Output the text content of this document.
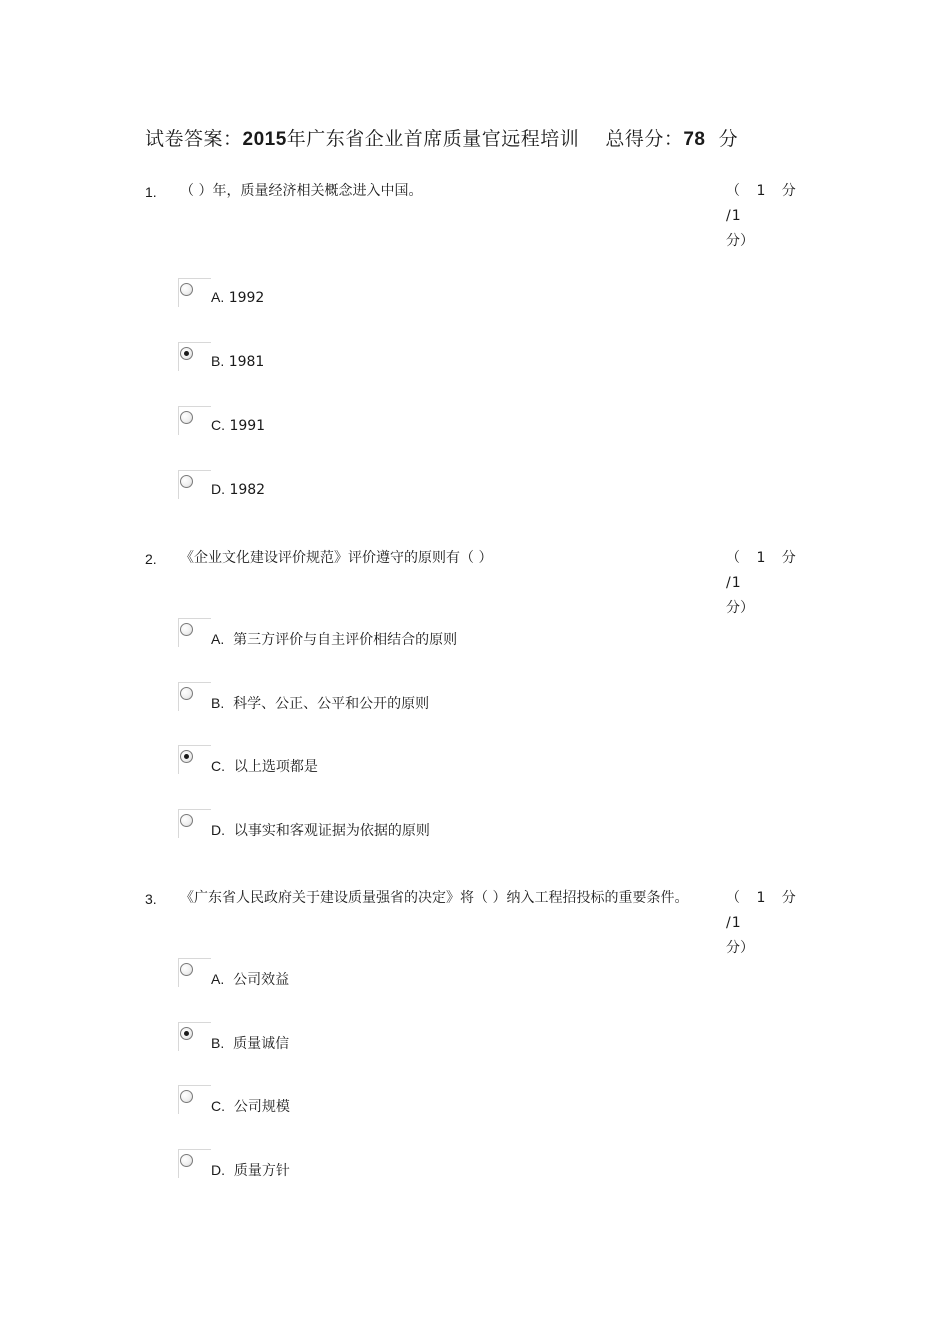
试卷答案：2015年广东省企业首席质量官远程培训 总得分：78 分
1. （ ）年，质量经济相关概念进入中国。	（ 1 分 /1
分）
A. 1992
B. 1981
C. 1991
D. 1982
2. 《企业文化建设评价规范》评价遵守的原则有（ ）	（ 1 分 /1
分）
A. 第三方评价与自主评价相结合的原则
B. 科学、公正、公平和公开的原则
C. 以上选项都是
D. 以事实和客观证据为依据的原则
3. 《广东省人民政府关于建设质量强省的决定》将（ ）纳入工程招投标的重要条件。	（ 1 分 /1
分）
A. 公司效益
B. 质量诚信
C. 公司规模
D. 质量方针
